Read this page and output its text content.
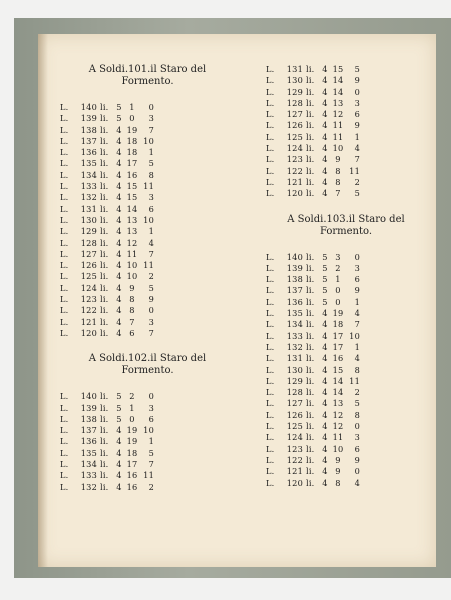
A Soldi.101.il Staro del
Formento.
L.	140 li. 5 1	0
L.	139 li. 5 0	3
L.	138 li. 4 19	7
L.	137 li. 4 18 10
L.	136 li. 4 18	1
L.	135 li. 4 17	5
L.	134 li. 4 16	8
L.	133 li. 4 15 11
L.	132 li. 4 15	3
L.	131 li. 4 14	6
L.	130 li. 4 13 10
L.	129 li. 4 13	1
L.	128 li. 4 12	4
L.	127 li. 4 11	7
L.	126 li. 4 10 11
L.	125 li. 4 10	2
L.	124 li. 4 9	5
L.	123 li. 4 8	9
L.	122 li. 4 8	0
L.	121 li. 4 7	3
L.	120 li. 4 6	7
A Soldi.102.il Staro del
Formento.
L.	140 li. 5 2	0
L.	139 li. 5 1	3
L.	138 li. 5 0	6
L.	137 li. 4 19 10
L.	136 li. 4 19	1
L.	135 li. 4 18	5
L.	134 li. 4 17	7
L.	133 li. 4 16 11
L.	132 li. 4 16	2
L.	131 li. 4 15	5
L.	130 li. 4 14	9
L.	129 li. 4 14	0
L.	128 li. 4 13	3
L.	127 li. 4 12	6
L.	126 li. 4 11	9
L.	125 li. 4 11	1
L.	124 li. 4 10	4
L.	123 li. 4 9	7
L.	122 li. 4 8	11
L.	121 li. 4 8	2
L.	120 li. 4 7	5
A Soldi.103.il Staro del
Formento.
L.	140 li. 5 3	0
L.	139 li. 5 2	3
L.	138 li. 5 1	6
L.	137 li. 5 0	9
L.	136 li. 5 0	1
L.	135 li. 4 19	4
L.	134 li. 4 18	7
L.	133 li. 4 17 10
L.	132 li. 4 17	1
L.	131 li. 4 16	4
L.	130 li. 4 15	8
L.	129 li. 4 14 11
L.	128 li. 4 14	2
L.	127 li. 4 13	5
L.	126 li. 4 12	8
L.	125 li. 4 12	0
L.	124 li. 4 11	3
L.	123 li. 4 10	6
L.	122 li. 4 9	9
L.	121 li. 4 9	0
L.	120 li. 4 8	4
